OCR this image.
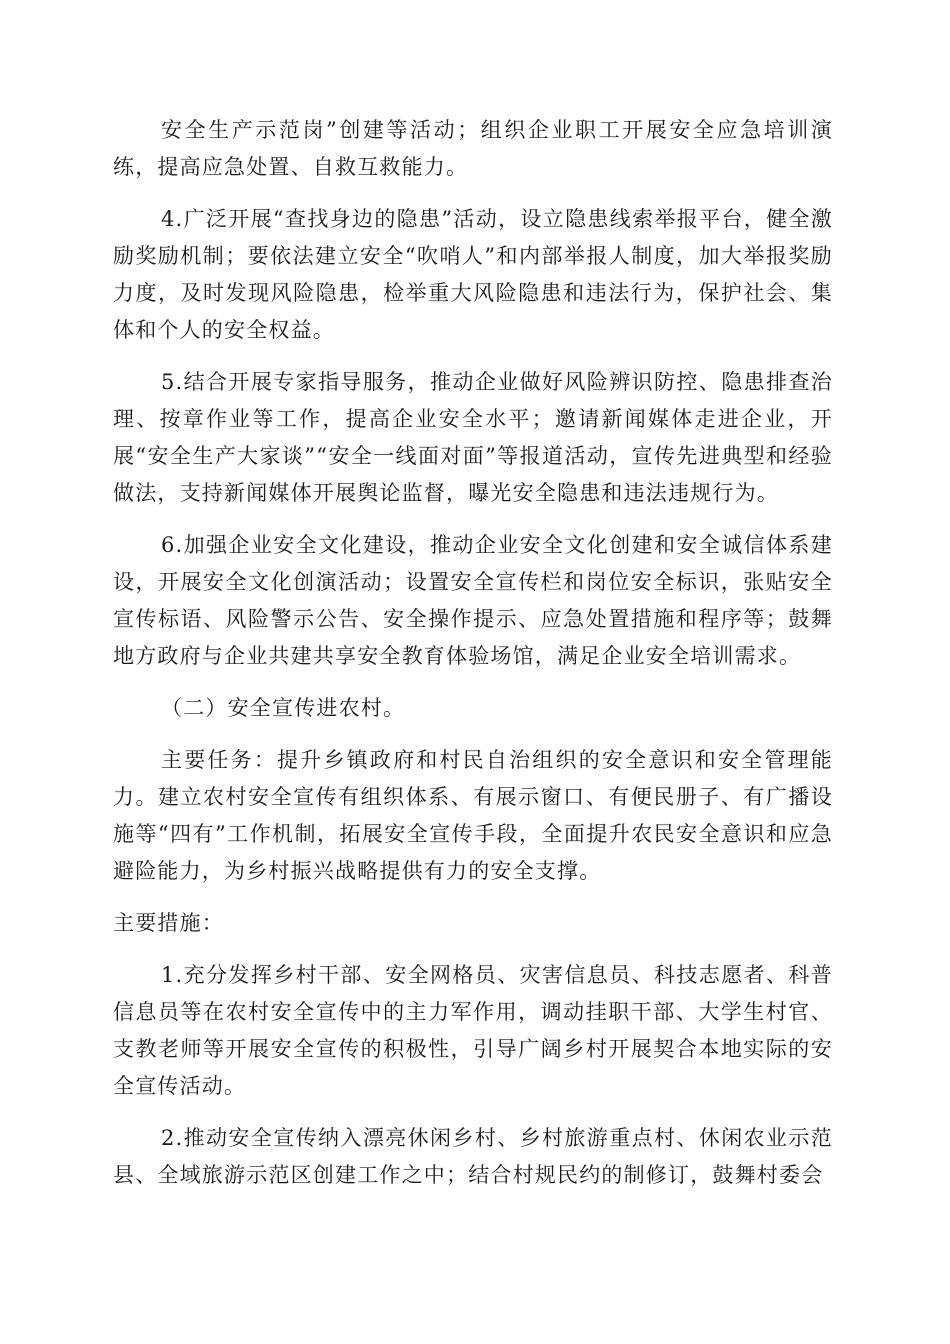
安全生产示范岗”创建等活动；组织企业职工开展安全应急培训演练，提高应急处置、自救互救能力。

4.广泛开展“查找身边的隐患”活动，设立隐患线索举报平台，健全激励奖励机制；要依法建立安全“吹哨人”和内部举报人制度，加大举报奖励力度，及时发现风险隐患，检举重大风险隐患和违法行为，保护社会、集体和个人的安全权益。

5.结合开展专家指导服务，推动企业做好风险辨识防控、隐患排查治理、按章作业等工作，提高企业安全水平；邀请新闻媒体走进企业，开展“安全生产大家谈”“安全一线面对面”等报道活动，宣传先进典型和经验做法，支持新闻媒体开展舆论监督，曝光安全隐患和违法违规行为。

6.加强企业安全文化建设，推动企业安全文化创建和安全诚信体系建设，开展安全文化创演活动；设置安全宣传栏和岗位安全标识，张贴安全宣传标语、风险警示公告、安全操作提示、应急处置措施和程序等；鼓舞地方政府与企业共建共享安全教育体验场馆，满足企业安全培训需求。

（二）安全宣传进农村。

主要任务：提升乡镇政府和村民自治组织的安全意识和安全管理能力。建立农村安全宣传有组织体系、有展示窗口、有便民册子、有广播设施等“四有”工作机制，拓展安全宣传手段，全面提升农民安全意识和应急避险能力，为乡村振兴战略提供有力的安全支撑。

主要措施：

1.充分发挥乡村干部、安全网格员、灾害信息员、科技志愿者、科普信息员等在农村安全宣传中的主力军作用，调动挂职干部、大学生村官、支教老师等开展安全宣传的积极性，引导广阔乡村开展契合本地实际的安全宣传活动。

2.推动安全宣传纳入漂亮休闲乡村、乡村旅游重点村、休闲农业示范县、全域旅游示范区创建工作之中；结合村规民约的制修订，鼓舞村委会
